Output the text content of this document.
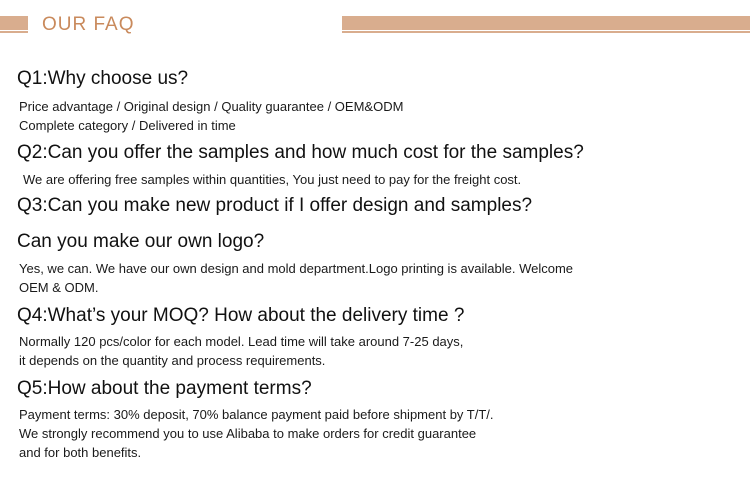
OUR FAQ
Q1:Why choose us?
Price advantage / Original design / Quality guarantee / OEM&ODM
Complete category / Delivered in time
Q2:Can you offer the samples and how much cost for the samples?
We are offering free samples within quantities, You just need to pay for the freight cost.
Q3:Can you make new product if I offer design and samples?
Can you make our own logo?
Yes, we can. We have our own design and mold department.Logo printing is available. Welcome
OEM & ODM.
Q4:What’s your MOQ? How about the delivery time ?
Normally 120 pcs/color for each model. Lead time will take around 7-25 days,
it depends on the quantity and process requirements.
Q5:How about the payment terms?
Payment terms: 30% deposit, 70% balance payment paid before shipment by T/T/.
We strongly recommend you to use Alibaba to make orders for credit guarantee
and for both benefits.
